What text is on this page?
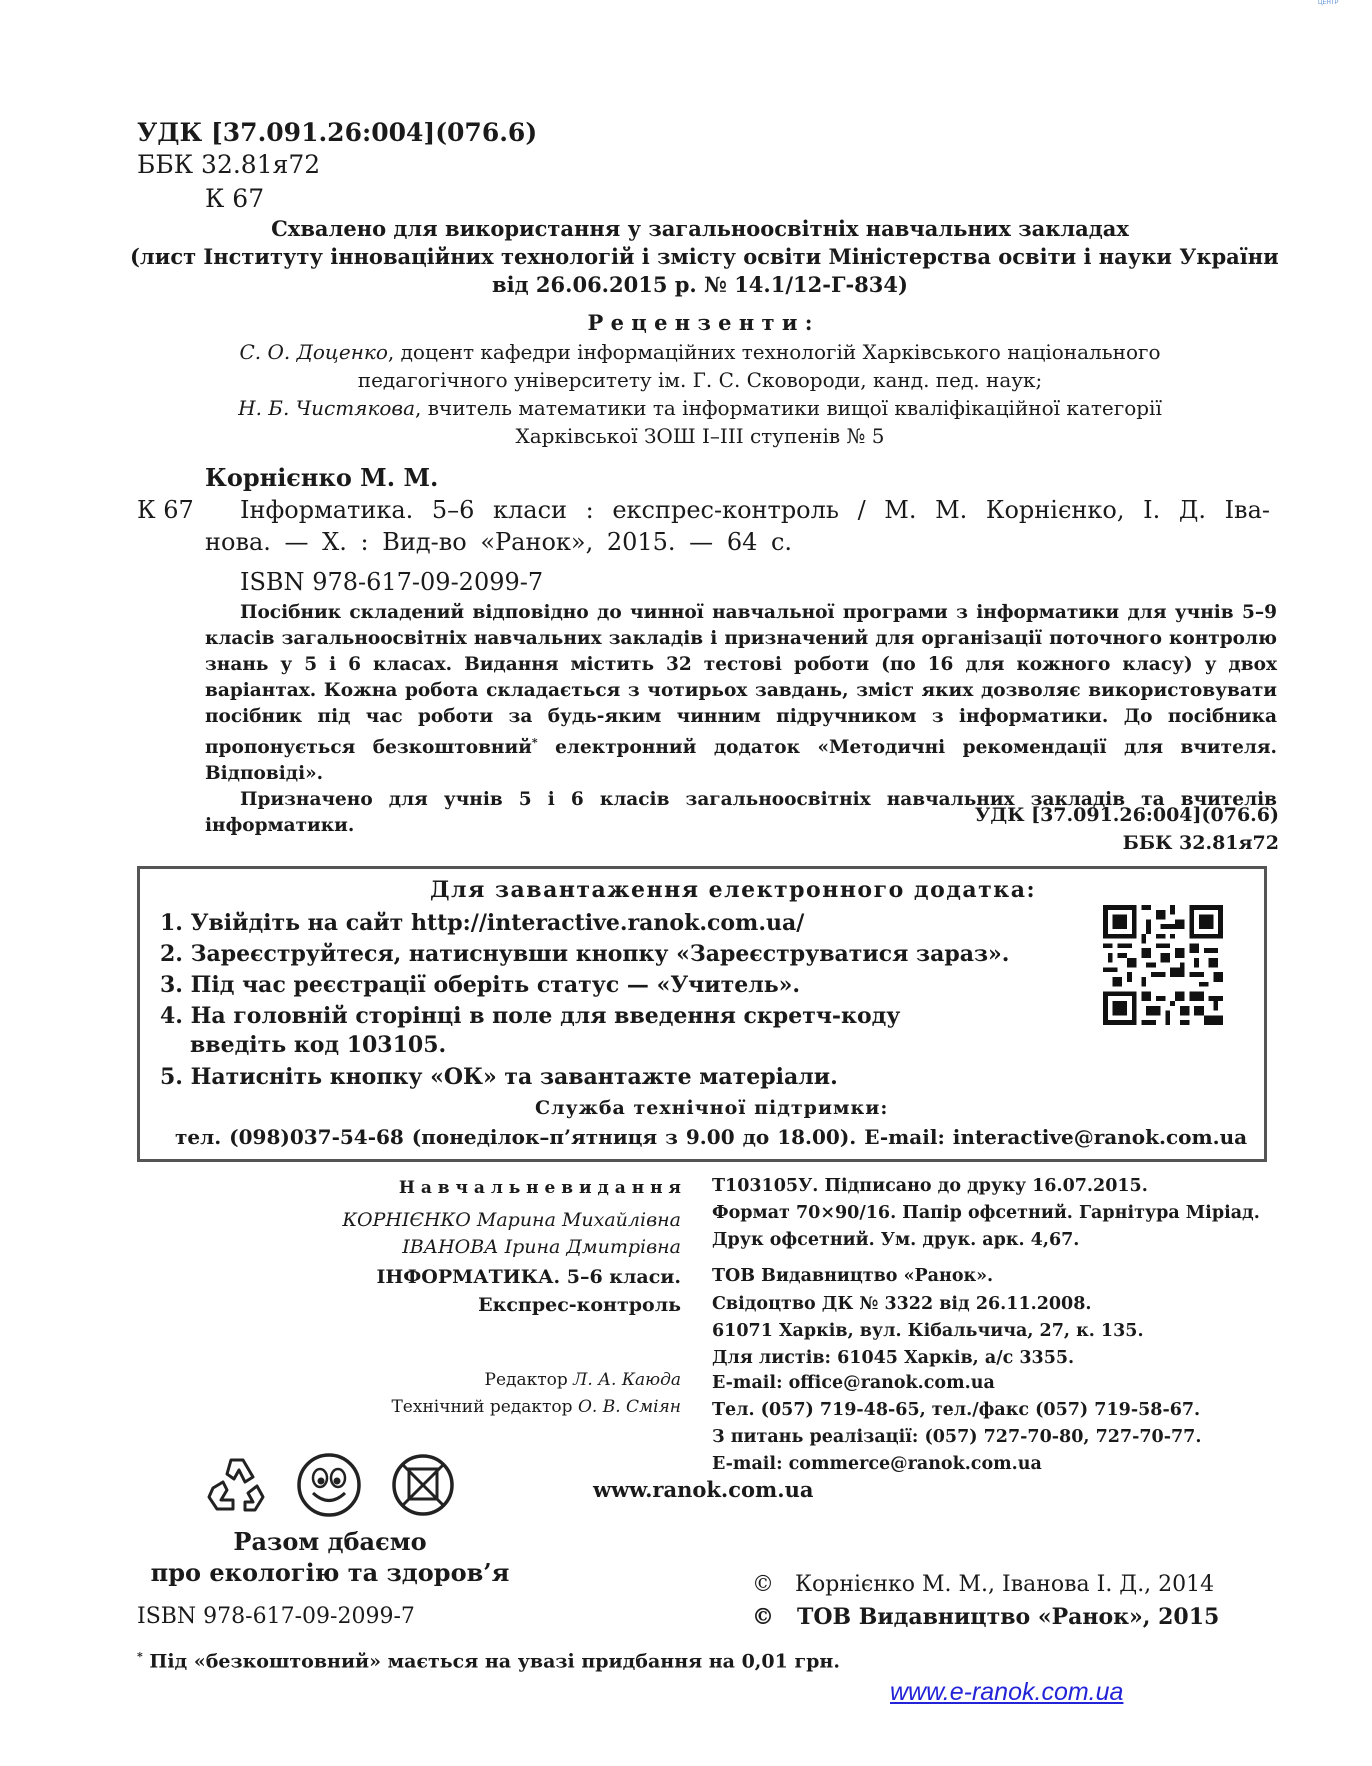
ЦЕНТР
УДК [37.091.26:004](076.6)
ББК 32.81я72
К 67
Схвалено для використання у загальноосвітніх навчальних закладах
(лист Інституту інноваційних технологій і змісту освіти Міністерства освіти і науки України
від 26.06.2015 р. № 14.1/12-Г-834)
Р е ц е н з е н т и :
С. О. Доценко, доцент кафедри інформаційних технологій Харківського національного
педагогічного університету ім. Г. С. Сковороди, канд. пед. наук;
Н. Б. Чистякова, вчитель математики та інформатики вищої кваліфікаційної категорії
Харківської ЗОШ І–ІІІ ступенів № 5
Корнієнко М. М.
К 67 Інформатика. 5–6 класи : експрес-контроль / М. М. Корнієнко, І. Д. Іва-
нова. — Х. : Вид-во «Ранок», 2015. — 64 с.
ISBN 978-617-09-2099-7

Посібник складений відповідно до чинної навчальної програми з інформатики для учнів 5–9 класів загальноосвітніх навчальних закладів і призначений для організації поточного контролю знань у 5 і 6 класах. Видання містить 32 тестові роботи (по 16 для кожного класу) у двох варіантах. Кожна робота складається з чотирьох завдань, зміст яких дозволяє використовувати посібник під час роботи за будь-яким чинним підручником з інформатики. До посібника пропонується безкоштовний* електронний додаток «Методичні рекомендації для вчителя. Відповіді».

Призначено для учнів 5 і 6 класів загальноосвітніх навчальних закладів та вчителів інформатики.	УДК [37.091.26:004](076.6)
ББК 32.81я72
Для завантаження електронного додатка:
1. Увійдіть на сайт http://interactive.ranok.com.ua/
2. Зареєструйтеся, натиснувши кнопку «Зареєструватися зараз».
3. Під час реєстрації оберіть статус — «Учитель».
4. На головній сторінці в поле для введення скретч-коду
введіть код 103105.
5. Натисніть кнопку «ОК» та завантажте матеріали.
Служба технічної підтримки:
тел. (098)037-54-68 (понеділок–п’ятниця з 9.00 до 18.00). E-mail: interactive@ranok.com.ua
Н а в ч а л ь н е в и д а н н я
КОРНІЄНКО Марина Михайлівна
ІВАНОВА Ірина Дмитрівна
ІНФОРМАТИКА. 5–6 класи.
Експрес-контроль
Редактор Л. А. Каюда
Технічний редактор О. В. Сміян
Т103105У. Підписано до друку 16.07.2015.
Формат 70×90/16. Папір офсетний. Гарнітура Міріад.
Друк офсетний. Ум. друк. арк. 4,67.
ТОВ Видавництво «Ранок».
Свідоцтво ДК № 3322 від 26.11.2008.
61071 Харків, вул. Кібальчича, 27, к. 135.
Для листів: 61045 Харків, а/с 3355.
E-mail: office@ranok.com.ua
Тел. (057) 719-48-65, тел./факс (057) 719-58-67.
З питань реалізації: (057) 727-70-80, 727-70-77.
E-mail: commerce@ranok.com.ua
www.ranok.com.ua
Разом дбаємо
про екологію та здоров’я
ISBN 978-617-09-2099-7
© Корнієнко М. М., Іванова І. Д., 2014
© ТОВ Видавництво «Ранок», 2015
* Під «безкоштовний» мається на увазі придбання на 0,01 грн.
www.e-ranok.com.ua
